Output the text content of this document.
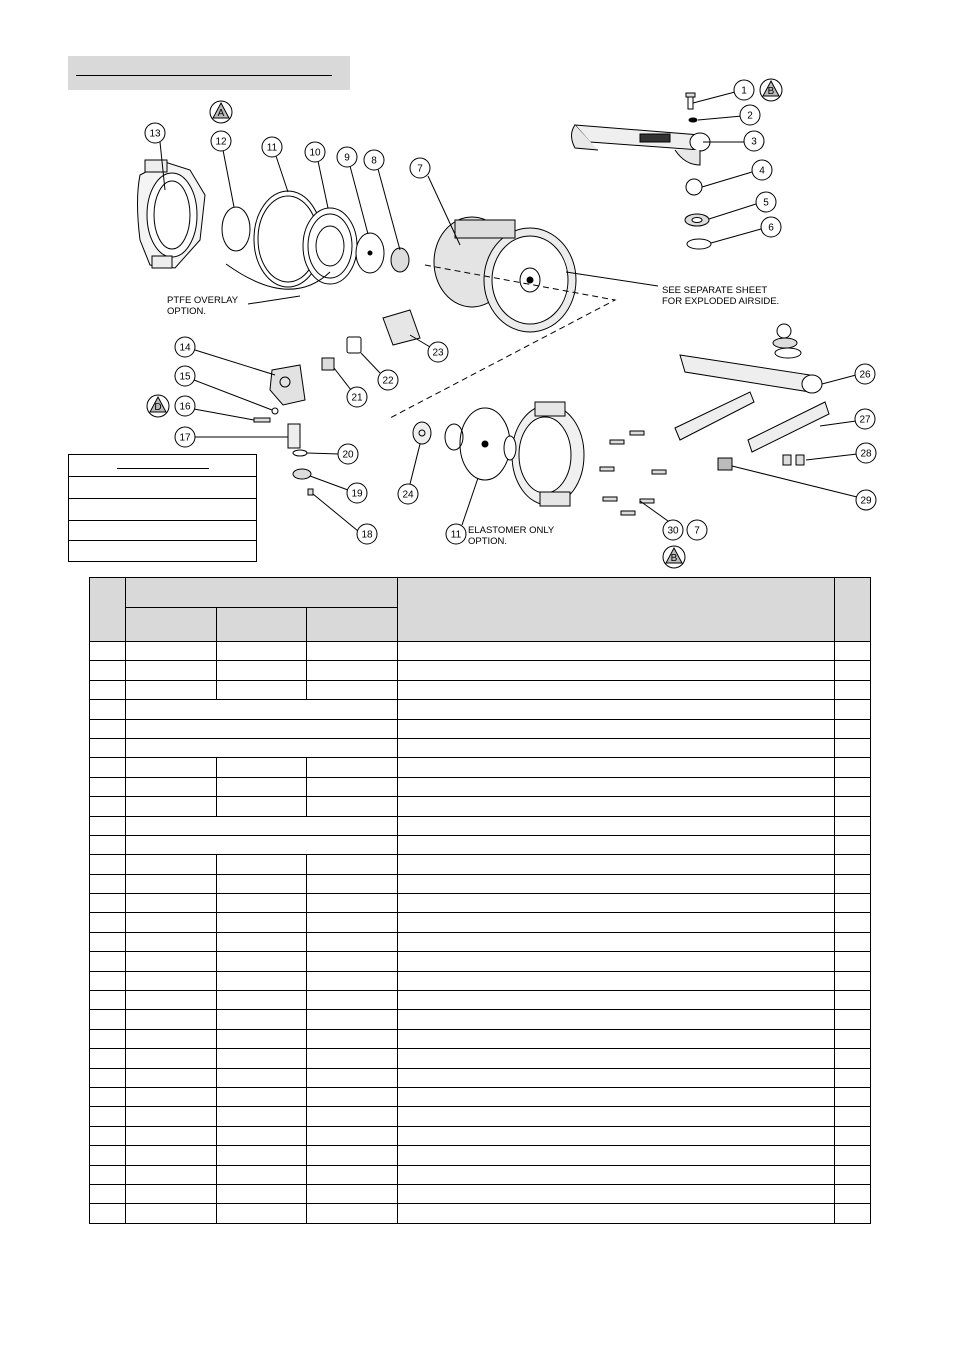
1
2
3
4
5
6
7
8
9
10
11
12
13
14
15
16
17
18
19
20
21
22
23
24
11
26
27
28
29
30 7
A
B
D
B
PTFE OVERLAY
OPTION.
SEE SEPARATE SHEET
FOR EXPLODED AIRSIDE.
ELASTOMER ONLY
OPTION.
